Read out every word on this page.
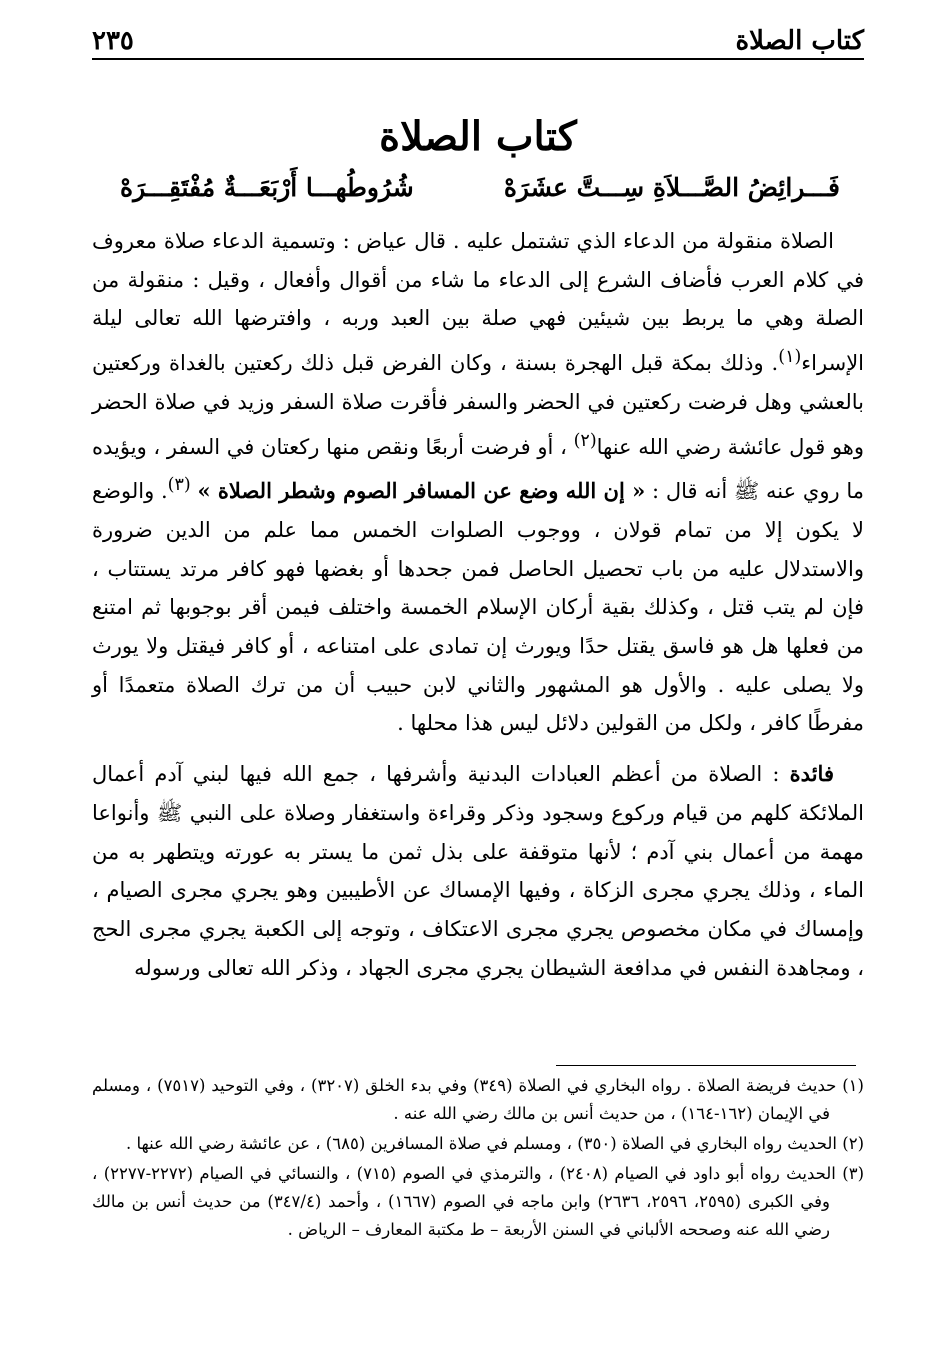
كتاب الصلاة
٢٣٥
كتاب الصلاة
فَـــرائِضُ الصَّـــلاَةِ سِـــتَّ عشَرَهْ
شُرُوطُهـــا أَرْبَعَـــةٌ مُفْتَقِـــرَهْ

الصلاة منقولة من الدعاء الذي تشتمل عليه . قال عياض : وتسمية الدعاء صلاة معروف في كلام العرب فأضاف الشرع إلى الدعاء ما شاء من أقوال وأفعال ، وقيل : منقولة من الصلة وهي ما يربط بين شيئين فهي صلة بين العبد وربه ، وافترضها الله تعالى ليلة الإسراء$^{(١)}$. وذلك بمكة قبل الهجرة بسنة ، وكان الفرض قبل ذلك ركعتين بالغداة وركعتين بالعشي وهل فرضت ركعتين في الحضر والسفر فأقرت صلاة السفر وزيد في صلاة الحضر وهو قول عائشة رضي الله عنها$^{(٢)}$ ، أو فرضت أربعًا ونقص منها ركعتان في السفر ، ويؤيده ما روي عنه ﷺ أنه قال : « إن الله وضع عن المسافر الصوم وشطر الصلاة » $^{(٣)}$. والوضع لا يكون إلا من تمام قولان ، ووجوب الصلوات الخمس مما علم من الدين ضرورة والاستدلال عليه من باب تحصيل الحاصل فمن جحدها أو بغضها فهو كافر مرتد يستتاب ، فإن لم يتب قتل ، وكذلك بقية أركان الإسلام الخمسة واختلف فيمن أقر بوجوبها ثم امتنع من فعلها هل هو فاسق يقتل حدًا ويورث إن تمادى على امتناعه ، أو كافر فيقتل ولا يورث ولا يصلى عليه . والأول هو المشهور والثاني لابن حبيب أن من ترك الصلاة متعمدًا أو مفرطًا كافر ، ولكل من القولين دلائل ليس هذا محلها .

فائدة : الصلاة من أعظم العبادات البدنية وأشرفها ، جمع الله فيها لبني آدم أعمال الملائكة كلهم من قيام وركوع وسجود وذكر وقراءة واستغفار وصلاة على النبي ﷺ وأنواعا مهمة من أعمال بني آدم ؛ لأنها متوقفة على بذل ثمن ما يستر به عورته ويتطهر به من الماء ، وذلك يجري مجرى الزكاة ، وفيها الإمساك عن الأطيبين وهو يجري مجرى الصيام ، وإمساك في مكان مخصوص يجري مجرى الاعتكاف ، وتوجه إلى الكعبة يجري مجرى الحج ، ومجاهدة النفس في مدافعة الشيطان يجري مجرى الجهاد ، وذكر الله تعالى ورسوله

(١) حديث فريضة الصلاة . رواه البخاري في الصلاة (٣٤٩) وفي بدء الخلق (٣٢٠٧) ، وفي التوحيد (٧٥١٧) ، ومسلم في الإيمان (١٦٢-١٦٤) ، من حديث أنس بن مالك رضي الله عنه .

(٢) الحديث رواه البخاري في الصلاة (٣٥٠) ، ومسلم في صلاة المسافرين (٦٨٥) ، عن عائشة رضي الله عنها .

(٣) الحديث رواه أبو داود في الصيام (٢٤٠٨) ، والترمذي في الصوم (٧١٥) ، والنسائي في الصيام (٢٢٧٢-٢٢٧٧) ، وفي الكبرى (٢٥٩٥، ٢٥٩٦، ٢٦٣٦) وابن ماجه في الصوم (١٦٦٧) ، وأحمد (٣٤٧/٤) من حديث أنس بن مالك رضي الله عنه وصححه الألباني في السنن الأربعة – ط مكتبة المعارف – الرياض .
